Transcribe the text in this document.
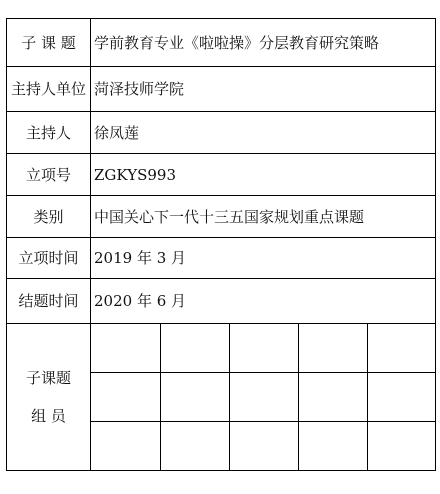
子 课 题	学前教育专业《啦啦操》分层教育研究策略
主持人单位	菏泽技师学院
主持人	徐凤莲
立项号	ZGKYS993
类别	中国关心下一代十三五国家规划重点课题
立项时间	2019 年 3 月
结题时间	2020 年 6 月

子课题
组 员
